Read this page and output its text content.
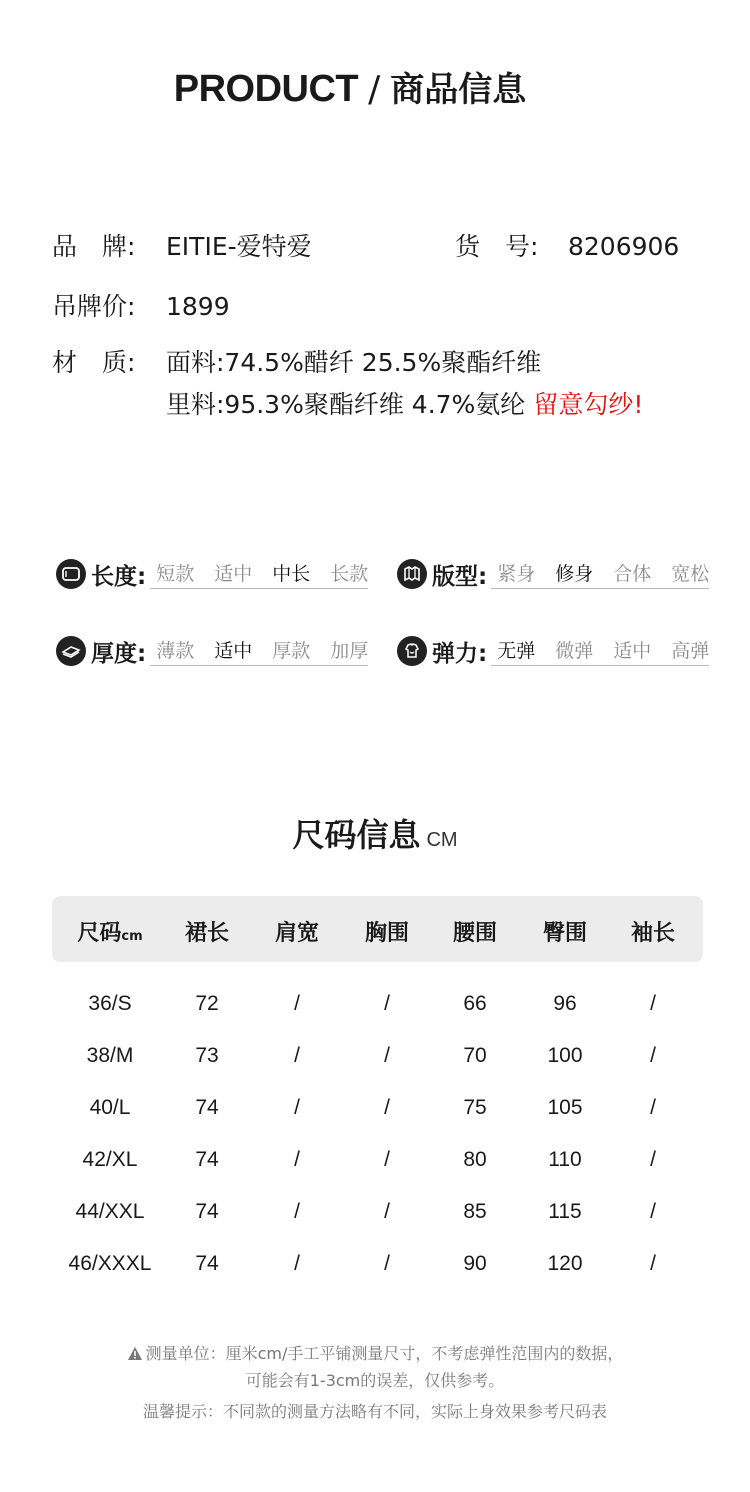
PRODUCT / 商品信息
品　牌: EITIE-爱特爱	货　号: 8206906
吊牌价: 1899
材　质: 面料:74.5%醋纤 25.5%聚酯纤维
里料:95.3%聚酯纤维 4.7%氨纶 留意勾纱!
长度: 短款 适中 中长 长款	版型: 紧身 修身 合体 宽松
厚度: 薄款 适中 厚款 加厚	弹力: 无弹 微弹 适中 高弹
尺码信息 CM
尺码cm	裙长	肩宽	胸围	腰围	臀围	袖长
36/S	72	/	/	66	96	/
38/M	73	/	/	70	100	/
40/L	74	/	/	75	105	/
42/XL	74	/	/	80	110	/
44/XXL	74	/	/	85	115	/
46/XXXL	74	/	/	90	120	/
测量单位：厘米cm/手工平铺测量尺寸，不考虑弹性范围内的数据，
可能会有1-3cm的误差，仅供参考。
温馨提示：不同款的测量方法略有不同，实际上身效果参考尺码表
